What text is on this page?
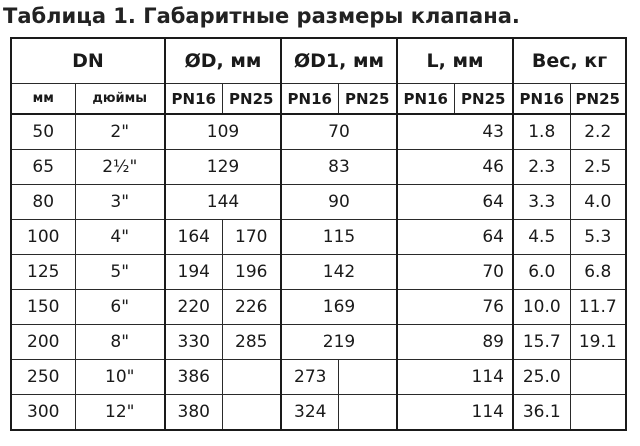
Таблица 1. Габаритные размеры клапана.
DN		ØD, мм		ØD1, мм		L, мм		Вес, кг	
мм	дюймы	PN16	PN25	PN16	PN25	PN16	PN25	PN16	PN25
50	2"	109		70		43		1.8	2.2
65	2½"	129		83		46		2.3	2.5
80	3"	144		90		64		3.3	4.0
100	4"	164	170	115		64		4.5	5.3
125	5"	194	196	142		70		6.0	6.8
150	6"	220	226	169		76		10.0	11.7
200	8"	330	285	219		89		15.7	19.1
250	10"	386		273		114		25.0	
300	12"	380		324		114		36.1	
